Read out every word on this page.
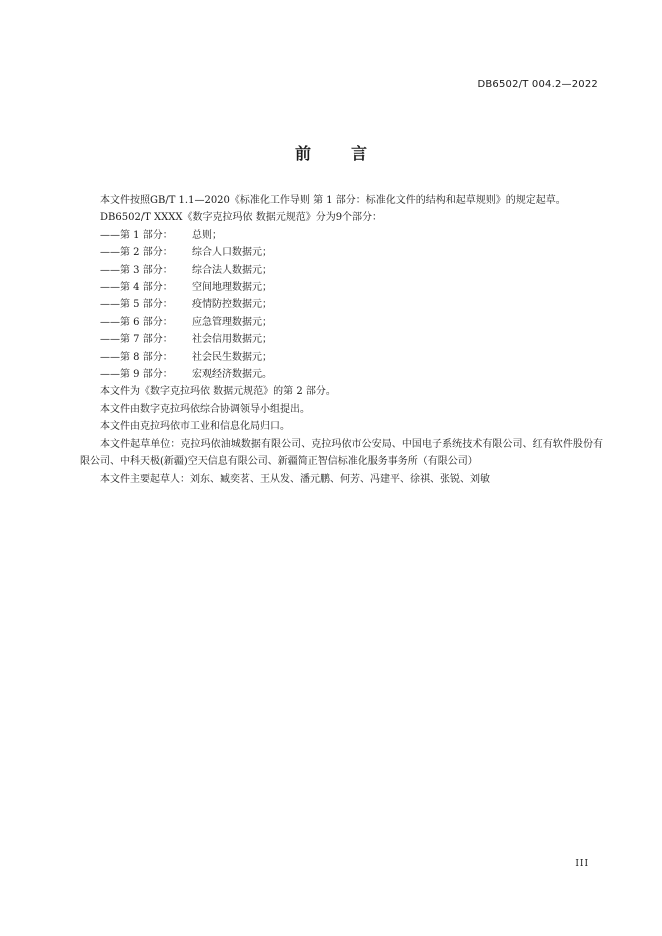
DB6502/T 004.2—2022
前	言

本文件按照GB/T 1.1—2020《标准化工作导则 第 1 部分：标准化文件的结构和起草规则》的规定起草。

DB6502/T XXXX《数字克拉玛依 数据元规范》分为9个部分：

——第 1 部分： 总则；

——第 2 部分： 综合人口数据元；

——第 3 部分： 综合法人数据元；

——第 4 部分： 空间地理数据元；

——第 5 部分： 疫情防控数据元；

——第 6 部分： 应急管理数据元；

——第 7 部分： 社会信用数据元；

——第 8 部分： 社会民生数据元；

——第 9 部分： 宏观经济数据元。

本文件为《数字克拉玛依 数据元规范》的第 2 部分。

本文件由数字克拉玛依综合协调领导小组提出。

本文件由克拉玛依市工业和信息化局归口。

本文件起草单位：克拉玛依油城数据有限公司、克拉玛依市公安局、中国电子系统技术有限公司、红有软件股份有限公司、中科天极(新疆)空天信息有限公司、新疆简正智信标准化服务事务所（有限公司）

本文件主要起草人：刘东、臧奕茗、王从发、潘元鹏、何芳、冯建平、徐祺、张锐、刘敏

III
